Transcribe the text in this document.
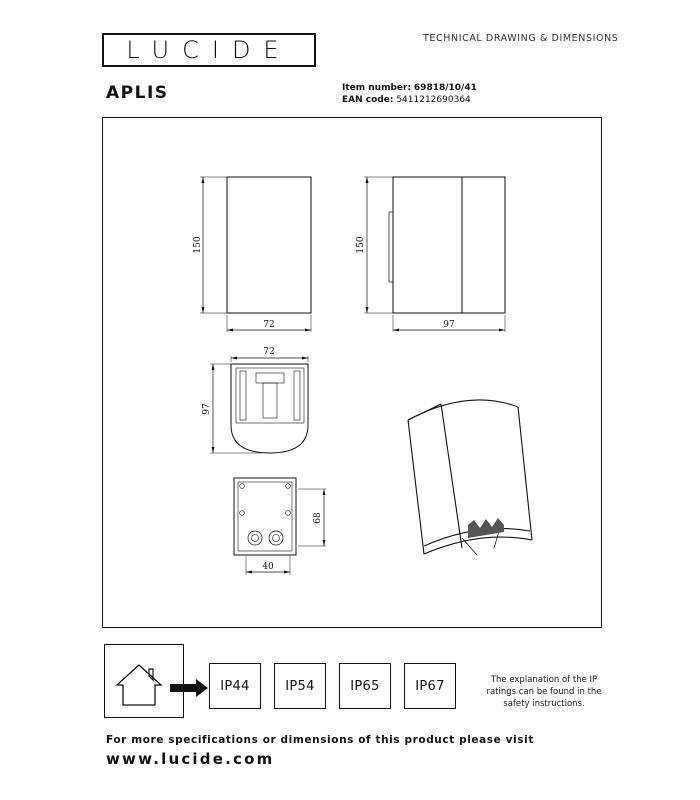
LUCIDE	TECHNICAL DRAWING & DIMENSIONS
APLIS	Item number: 69818/10/41
EAN code: 5411212690364
150
72
150
97
72
97
68
40
IP44	IP54	IP65	IP67	The explanation of the IP ratings can be found in the safety instructions.
For more specifications or dimensions of this product please visit
www.lucide.com
